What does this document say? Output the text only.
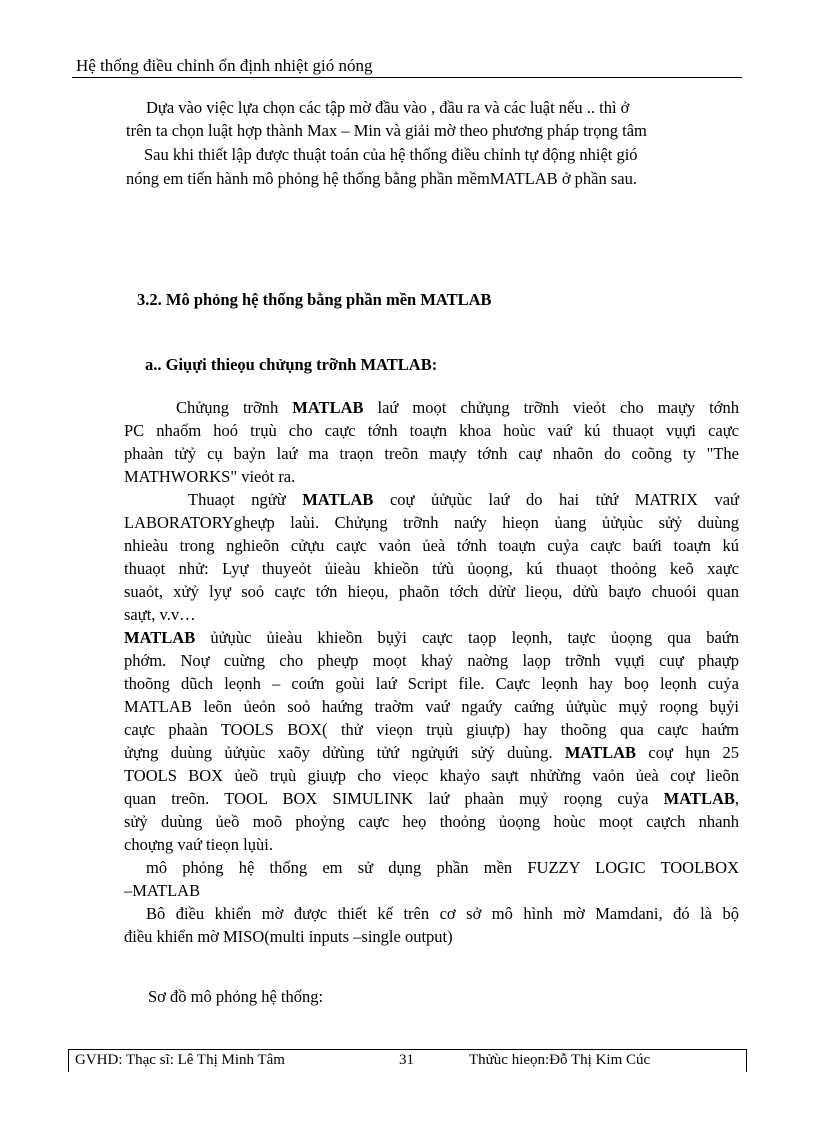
Hệ thống điều chỉnh ổn định nhiệt gió nóng
Dựa vào việc lựa chọn các tập mờ đầu vào , đầu ra và các luật nếu .. thì ở
trên ta chọn luật hợp thành Max – Min và giải mờ theo phương pháp trọng tâm
Sau khi thiết lập được thuật toán của hệ thống điều chỉnh tự động nhiệt gió
nóng em tiến hành mô phỏng hệ thống bằng phần mềmMATLAB ở phần sau.
3.2. Mô phỏng hệ thống bằng phần mền MATLAB
a.. Giụựi thieọu chửụng trỡnh MATLAB:
Chửụng trỡnh MATLAB laứ moọt chửụng trỡnh vieỏt cho maựy tớnh
PC nhaốm hoó trụù cho caực tớnh toaựn khoa hoùc vaứ kú thuaọt vụựi caực
phaàn tửỷ cụ baỷn laứ ma traọn treõn maựy tớnh caự nhaõn do coõng ty "The
MATHWORKS" vieỏt ra.
Thuaọt ngửừ MATLAB coự ủửụùc laứ do hai tửứ MATRIX vaứ
LABORATORYgheựp laùi. Chửụng trỡnh naứy hieọn ủang ủửụùc sửỷ duùng
nhieàu trong nghieõn cửựu caực vaỏn ủeà tớnh toaựn cuỷa caực baứi toaựn kú
thuaọt nhử: Lyự thuyeỏt ủieàu khieồn tửù ủoọng, kú thuaọt thoỏng keõ xaực
suaỏt, xửỷ lyự soỏ caực tớn hieọu, phaõn tớch dửừ lieọu, dửù baựo chuoói quan
saựt, v.v…
MATLAB ủửụùc ủieàu khieồn bụỷi caực taọp leọnh, taực ủoọng qua baứn
phớm. Noự cuừng cho pheựp moọt khaỷ naờng laọp trỡnh vụựi cuự phaựp
thoõng dũch leọnh – coứn goùi laứ Script file. Caực leọnh hay boọ leọnh cuỷa
MATLAB leõn ủeỏn soỏ haứng traờm vaứ ngaứy caứng ủửụùc mụỷ roọng bụỷi
caực phaàn TOOLS BOX( thử vieọn trụù giuựp) hay thoõng qua caực haứm
ửựng duùng ủửụùc xaõy dửùng tửứ ngửụứi sửỷ duùng. MATLAB coự hụn 25
TOOLS BOX ủeồ trụù giuựp cho vieọc khaỷo saựt nhửừng vaỏn ủeà coự lieõn
quan treõn. TOOL BOX SIMULINK laứ phaàn mụỷ roọng cuỷa MATLAB,
sửỷ duùng ủeồ moõ phoỷng caực heọ thoỏng ủoọng hoùc moọt caựch nhanh
choựng vaứ tieọn lụùi.
mô phỏng hệ thống em sử dụng phần mền FUZZY LOGIC TOOLBOX
–MATLAB
Bô điều khiển mờ được thiết kế trên cơ sở mô hình mờ Mamdani, đó là bộ
điều khiển mờ MISO(multi inputs –single output)
Sơ đồ mô phỏng hệ thống:
GVHD: Thạc sĩ: Lê Thị Minh Tâm	31	Thửùc hieọn:Đỗ Thị Kim Cúc
